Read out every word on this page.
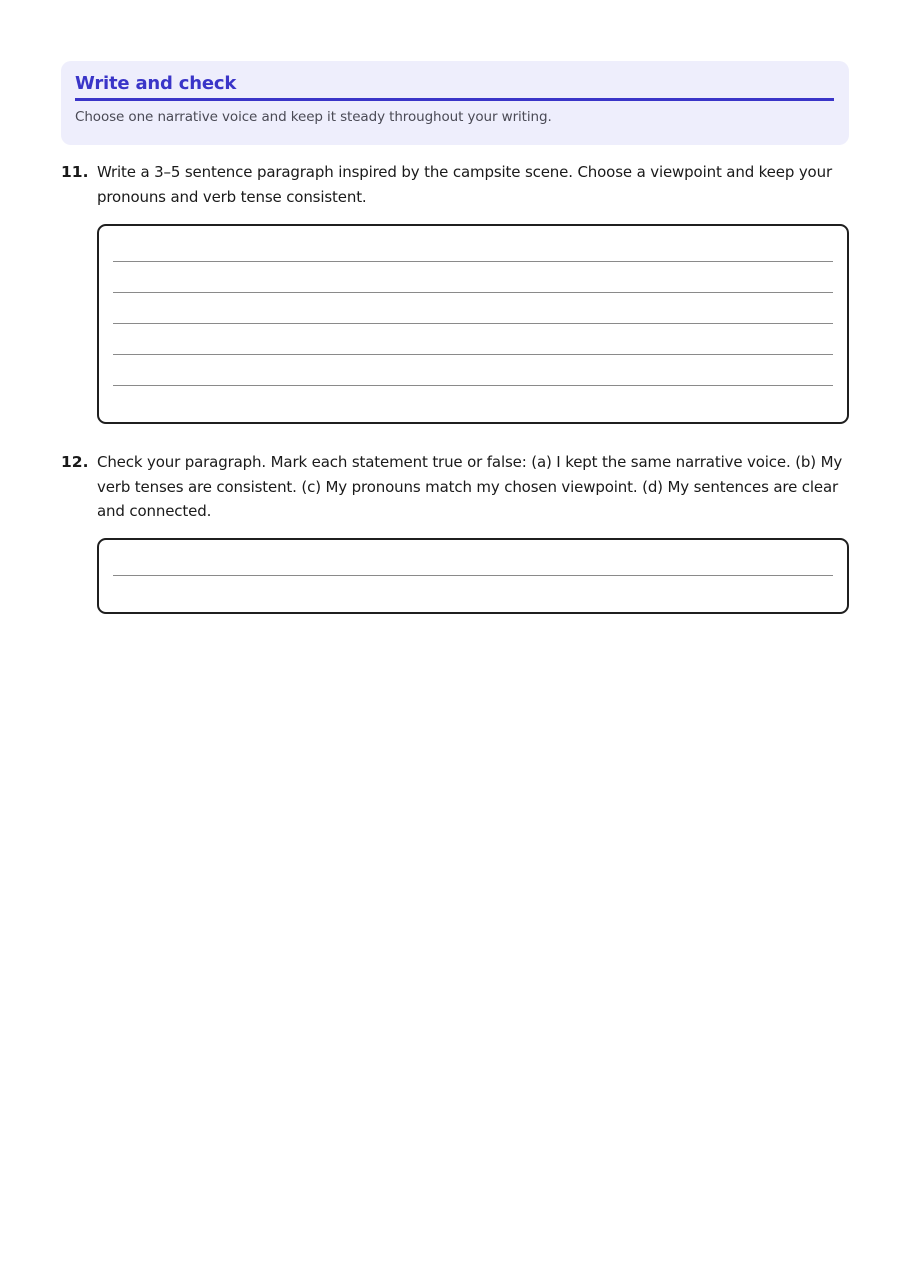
Write and check
Choose one narrative voice and keep it steady throughout your writing.
11. Write a 3–5 sentence paragraph inspired by the campsite scene. Choose a viewpoint and keep your pronouns and verb tense consistent.
12. Check your paragraph. Mark each statement true or false: (a) I kept the same narrative voice. (b) My verb tenses are consistent. (c) My pronouns match my chosen viewpoint. (d) My sentences are clear and connected.
